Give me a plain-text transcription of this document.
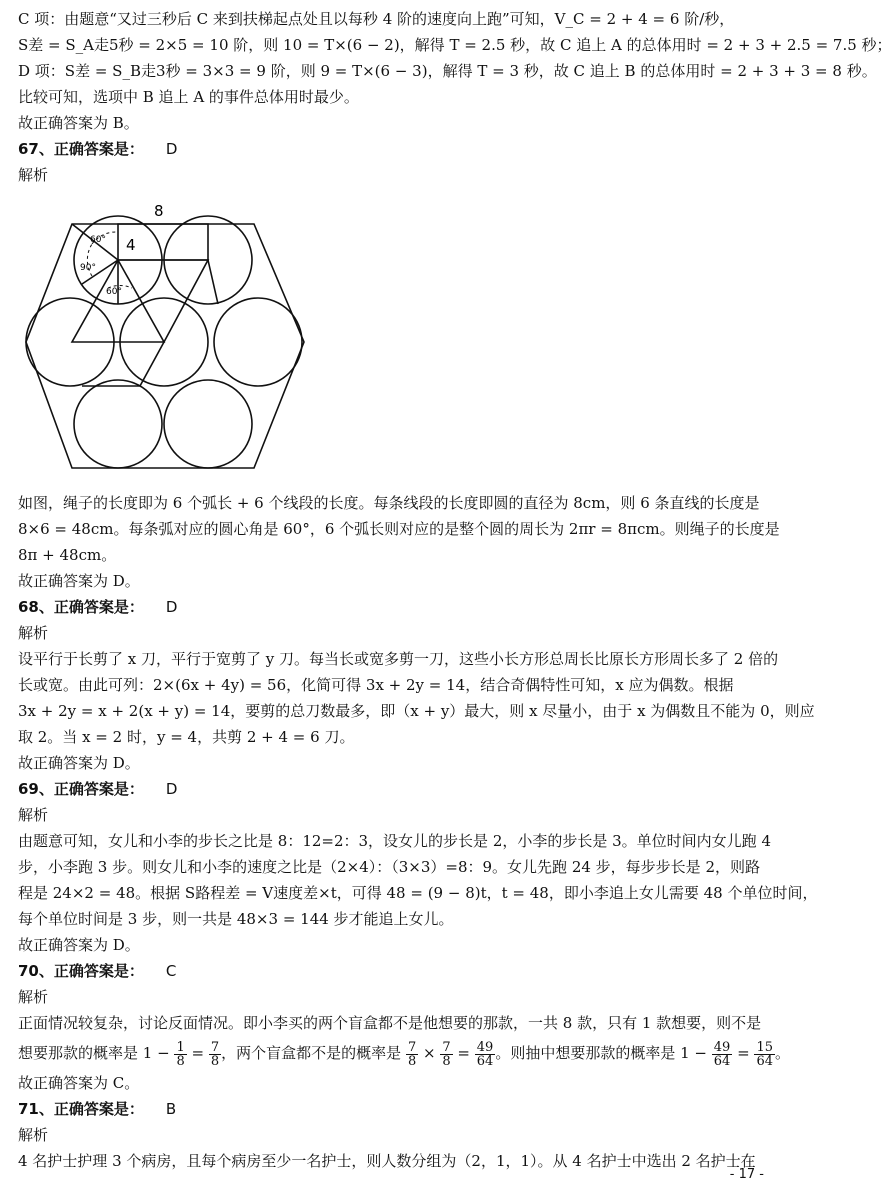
C 项：由题意“又过三秒后 C 来到扶梯起点处且以每秒 4 阶的速度向上跑”可知，V_C = 2 + 4 = 6 阶/秒，

S差 = S_A走5秒 = 2×5 = 10 阶，则 10 = T×(6 − 2)，解得 T = 2.5 秒，故 C 追上 A 的总体用时 = 2 + 3 + 2.5 = 7.5 秒；

D 项：S差 = S_B走3秒 = 3×3 = 9 阶，则 9 = T×(6 − 3)，解得 T = 3 秒，故 C 追上 B 的总体用时 = 2 + 3 + 3 = 8 秒。

比较可知，选项中 B 追上 A 的事件总体用时最少。

故正确答案为 B。

67、正确答案是： D

解析

如图，绳子的长度即为 6 个弧长 + 6 个线段的长度。每条线段的长度即圆的直径为 8cm，则 6 条直线的长度是

8×6 = 48cm。每条弧对应的圆心角是 60°，6 个弧长则对应的是整个圆的周长为 2πr = 8πcm。则绳子的长度是

8π + 48cm。

故正确答案为 D。

68、正确答案是： D

解析

设平行于长剪了 x 刀，平行于宽剪了 y 刀。每当长或宽多剪一刀，这些小长方形总周长比原长方形周长多了 2 倍的

长或宽。由此可列：2×(6x + 4y) = 56，化简可得 3x + 2y = 14，结合奇偶特性可知，x 应为偶数。根据

3x + 2y = x + 2(x + y) = 14，要剪的总刀数最多，即（x + y）最大，则 x 尽量小，由于 x 为偶数且不能为 0，则应

取 2。当 x = 2 时，y = 4，共剪 2 + 4 = 6 刀。

故正确答案为 D。

69、正确答案是： D

解析

由题意可知，女儿和小李的步长之比是 8：12=2：3，设女儿的步长是 2，小李的步长是 3。单位时间内女儿跑 4

步，小李跑 3 步。则女儿和小李的速度之比是（2×4）：（3×3）=8：9。女儿先跑 24 步，每步步长是 2，则路

程是 24×2 = 48。根据 S路程差 = V速度差×t，可得 48 = (9 − 8)t，t = 48，即小李追上女儿需要 48 个单位时间，

每个单位时间是 3 步，则一共是 48×3 = 144 步才能追上女儿。

故正确答案为 D。

70、正确答案是： C

解析

正面情况较复杂，讨论反面情况。即小李买的两个盲盒都不是他想要的那款，一共 8 款，只有 1 款想要，则不是

想要那款的概率是 $1 - \frac{1}{8} = \frac{7}{8}$ ，两个盲盒都不是的概率是 $\frac{7}{8} \times \frac{7}{8} = \frac{49}{64}$ 。则抽中想要那款的概率是 $1 - \frac{49}{64} = \frac{15}{64}$ 。

故正确答案为 C。

71、正确答案是： B

解析

4 名护士护理 3 个病房，且每个病房至少一名护士，则人数分组为（2，1，1）。从 4 名护士中选出 2 名护士在

8
4
60°
90°
60°
- 17 -
